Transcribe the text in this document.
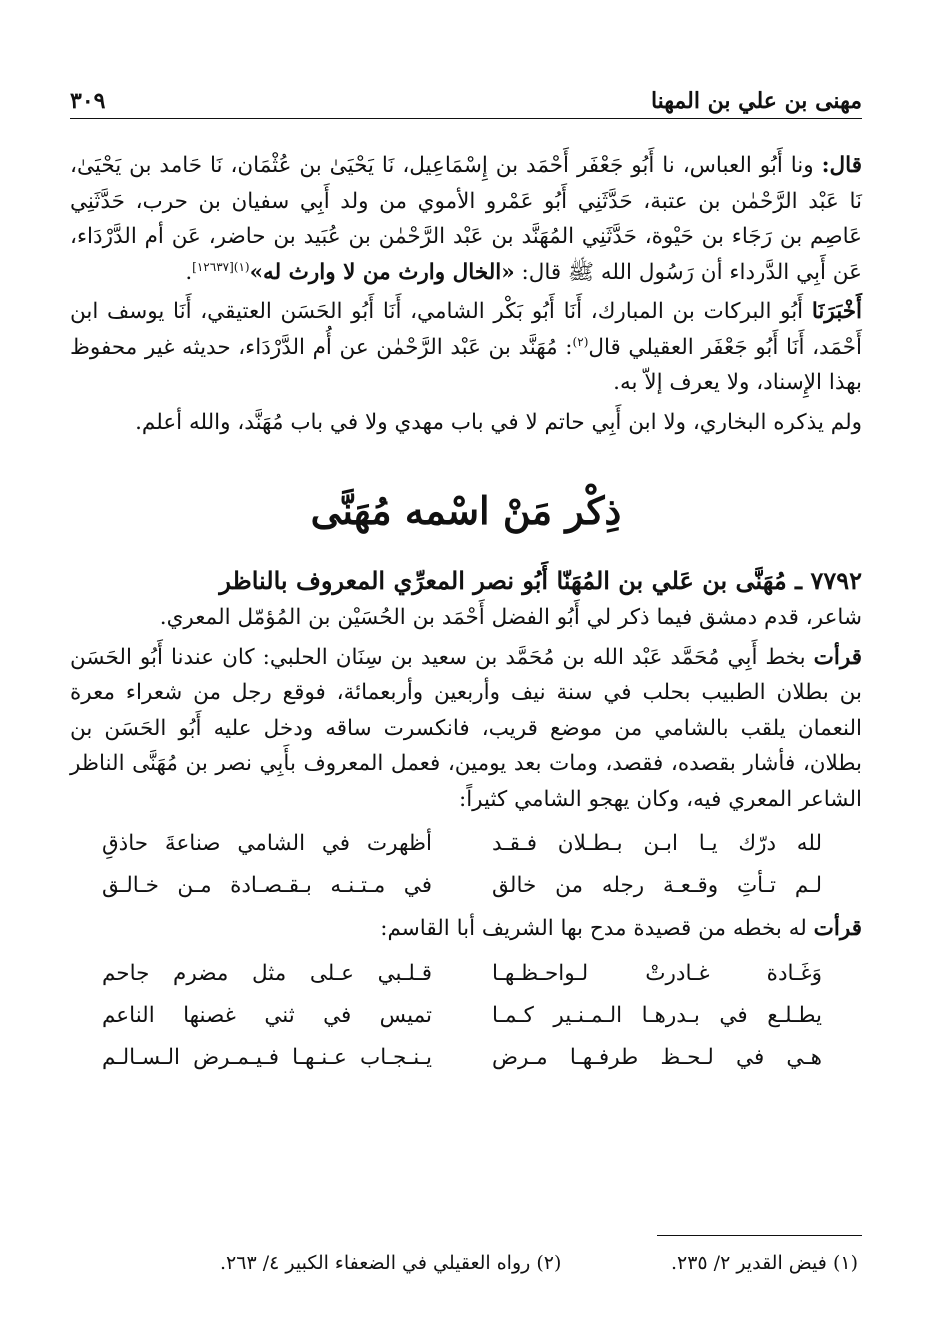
مهنى بن علي بن المهنا
٣٠٩

قال: ونا أَبُو العباس، نا أَبُو جَعْفَر أَحْمَد بن إِسْمَاعِيل، نَا يَحْيَىٰ بن عُثْمَان، نَا حَامد بن يَحْيَىٰ، نَا عَبْد الرَّحْمٰن بن عتبة، حَدَّثَنِي أَبُو عَمْرو الأموي من ولد أَبِي سفيان بن حرب، حَدَّثَنِي عَاصِم بن رَجَاء بن حَيْوة، حَدَّثَنِي المُهَنَّد بن عَبْد الرَّحْمٰن بن عُبَيد بن حاضر، عَن أم الدَّرْدَاء، عَن أَبِي الدَّرداء أن رَسُول الله ﷺ قال: «الخال وارث من لا وارث له»$^{(١)[١٢٦٣٧]}$.

أَخْبَرَنَا أَبُو البركات بن المبارك، أَنَا أَبُو بَكْر الشامي، أَنَا أَبُو الحَسَن العتيقي، أَنَا يوسف ابن أَحْمَد، أَنَا أَبُو جَعْفَر العقيلي قال$^{(٢)}$: مُهَنَّد بن عَبْد الرَّحْمٰن عن أُم الدَّرْدَاء، حديثه غير محفوظ بهذا الإِسناد، ولا يعرف إلاّ به.

ولم يذكره البخاري، ولا ابن أَبِي حاتم لا في باب مهدي ولا في باب مُهَنَّد، والله أعلم.

ذِكْر مَنْ اسْمه مُهَنَّى

٧٧٩٢ ـ مُهَنَّى بن عَلي بن المُهَنّا أَبُو نصر المعرِّي المعروف بالناظر

شاعر، قدم دمشق فيما ذكر لي أَبُو الفضل أَحْمَد بن الحُسَيْن بن المُؤمّل المعري.

قرأت بخط أَبِي مُحَمَّد عَبْد الله بن مُحَمَّد بن سعيد بن سِنَان الحلبي: كان عندنا أَبُو الحَسَن بن بطلان الطبيب بحلب في سنة نيف وأربعين وأربعمائة، فوقع رجل من شعراء معرة النعمان يلقب بالشامي من موضع قريب، فانكسرت ساقه ودخل عليه أَبُو الحَسَن بن بطلان، فأشار بقصده، فقصد، ومات بعد يومين، فعمل المعروف بأَبِي نصر بن مُهَنَّى الناظر الشاعر المعري فيه، وكان يهجو الشامي كثيراً:

لله درّك يـا ابـن بـطـلان فـقـد
أظهرت في الشامي صناعةَ حاذقِ
لـم تـأتِ وقـعـة رجله من خالق
في مـتـنـه بـقـصـادة مـن خـالـق

قرأت له بخطه من قصيدة مدح بها الشريف أبا القاسم:

وَغَـادة غـادرتْ لـواحـظـهـا
قـلـبي عـلى مثل مضرم جاحم
يطـلـع في بـدرهـا الـمـنـير كـمـا
تميس في ثني غصنها الناعم
هـي في لـحـظ طرفـهـا مـرض
يـنـجـاب عـنـهـا فـيـمـرض الـسـالـم
(١) فيض القدير ٢/ ٢٣٥.
(٢) رواه العقيلي في الضعفاء الكبير ٤/ ٢٦٣.
